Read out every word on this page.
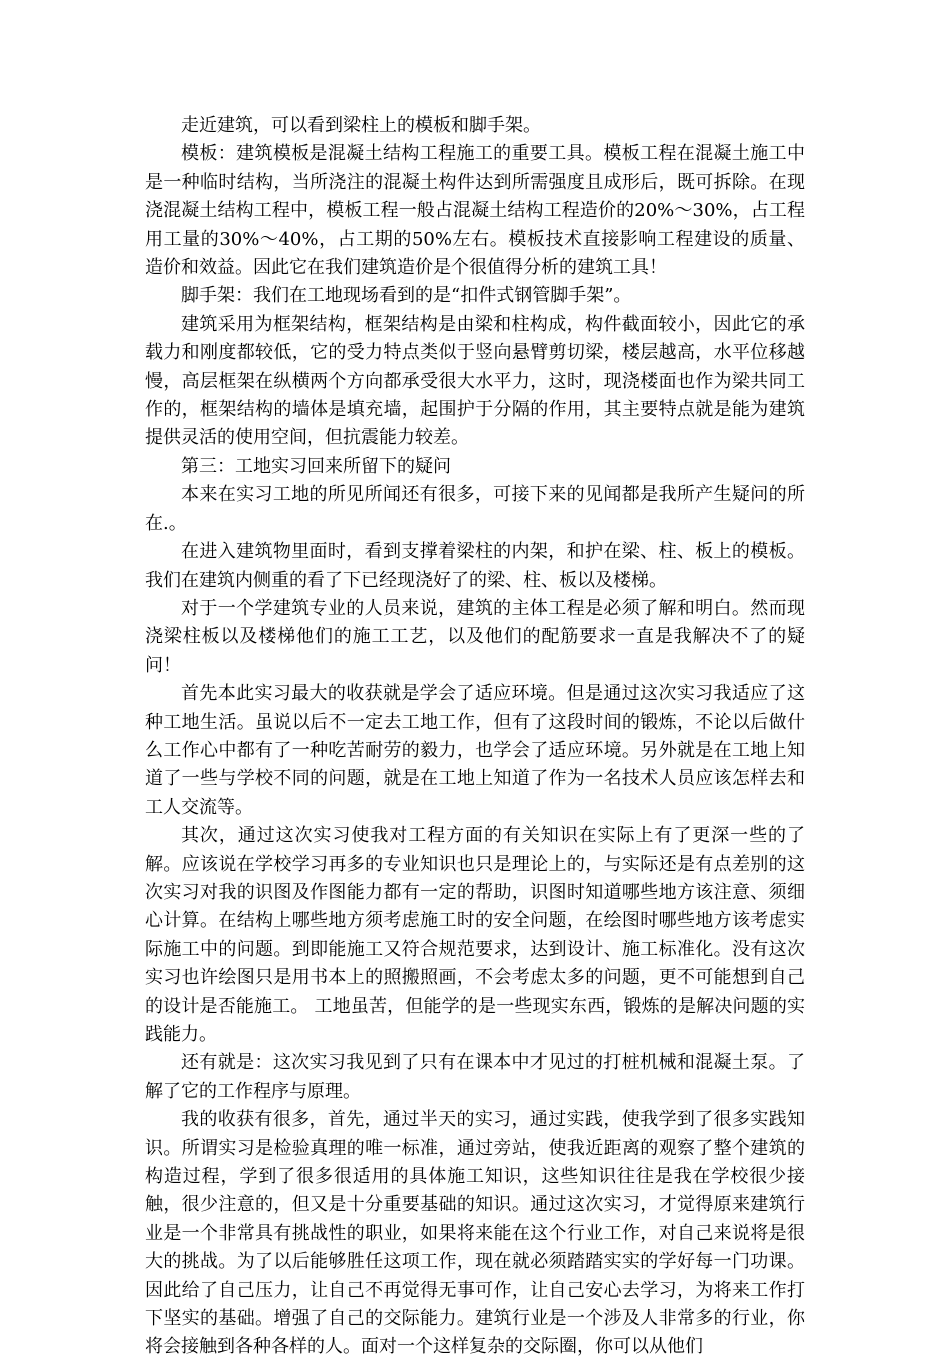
走近建筑，可以看到梁柱上的模板和脚手架。

模板：建筑模板是混凝土结构工程施工的重要工具。模板工程在混凝土施工中是一种临时结构，当所浇注的混凝土构件达到所需强度且成形后，既可拆除。在现浇混凝土结构工程中，模板工程一般占混凝土结构工程造价的20%～30%，占工程用工量的30%～40%，占工期的50%左右。模板技术直接影响工程建设的质量、造价和效益。因此它在我们建筑造价是个很值得分析的建筑工具！

脚手架：我们在工地现场看到的是“扣件式钢管脚手架”。

建筑采用为框架结构，框架结构是由梁和柱构成，构件截面较小，因此它的承载力和刚度都较低，它的受力特点类似于竖向悬臂剪切梁，楼层越高，水平位移越慢，高层框架在纵横两个方向都承受很大水平力，这时，现浇楼面也作为梁共同工作的，框架结构的墙体是填充墙，起围护于分隔的作用，其主要特点就是能为建筑提供灵活的使用空间，但抗震能力较差。

第三：工地实习回来所留下的疑问

本来在实习工地的所见所闻还有很多，可接下来的见闻都是我所产生疑问的所在.。

在进入建筑物里面时，看到支撑着梁柱的内架，和护在梁、柱、板上的模板。我们在建筑内侧重的看了下已经现浇好了的梁、柱、板以及楼梯。

对于一个学建筑专业的人员来说，建筑的主体工程是必须了解和明白。然而现浇梁柱板以及楼梯他们的施工工艺，以及他们的配筋要求一直是我解决不了的疑问！

首先本此实习最大的收获就是学会了适应环境。但是通过这次实习我适应了这种工地生活。虽说以后不一定去工地工作，但有了这段时间的锻炼，不论以后做什么工作心中都有了一种吃苦耐劳的毅力，也学会了适应环境。另外就是在工地上知道了一些与学校不同的问题，就是在工地上知道了作为一名技术人员应该怎样去和工人交流等。

其次，通过这次实习使我对工程方面的有关知识在实际上有了更深一些的了解。应该说在学校学习再多的专业知识也只是理论上的，与实际还是有点差别的这次实习对我的识图及作图能力都有一定的帮助，识图时知道哪些地方该注意、须细心计算。在结构上哪些地方须考虑施工时的安全问题，在绘图时哪些地方该考虑实际施工中的问题。到即能施工又符合规范要求，达到设计、施工标准化。没有这次实习也许绘图只是用书本上的照搬照画，不会考虑太多的问题，更不可能想到自己的设计是否能施工。 工地虽苦，但能学的是一些现实东西，锻炼的是解决问题的实践能力。

还有就是：这次实习我见到了只有在课本中才见过的打桩机械和混凝土泵。了解了它的工作程序与原理。

我的收获有很多，首先，通过半天的实习，通过实践，使我学到了很多实践知识。所谓实习是检验真理的唯一标准，通过旁站，使我近距离的观察了整个建筑的构造过程，学到了很多很适用的具体施工知识，这些知识往往是我在学校很少接触，很少注意的，但又是十分重要基础的知识。通过这次实习，才觉得原来建筑行业是一个非常具有挑战性的职业，如果将来能在这个行业工作，对自己来说将是很大的挑战。为了以后能够胜任这项工作，现在就必须踏踏实实的学好每一门功课。因此给了自己压力，让自己不再觉得无事可作，让自己安心去学习，为将来工作打下坚实的基础。增强了自己的交际能力。建筑行业是一个涉及人非常多的行业，你将会接触到各种各样的人。面对一个这样复杂的交际圈，你可以从他们
